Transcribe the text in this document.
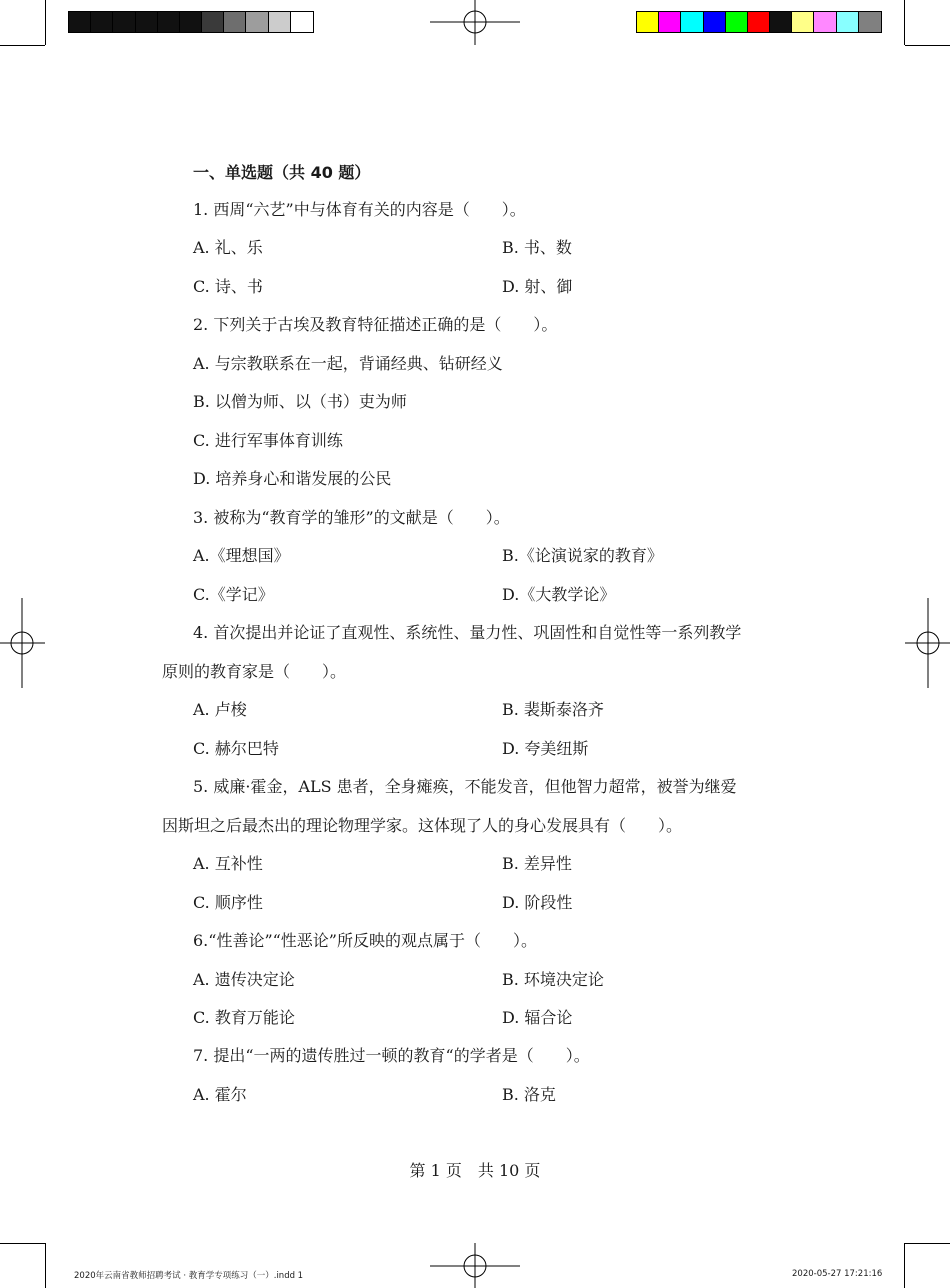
一、单选题（共 40 题）
1. 西周“六艺”中与体育有关的内容是（　　）。
A. 礼、乐	B. 书、数
C. 诗、书	D. 射、御
2. 下列关于古埃及教育特征描述正确的是（　　）。
A. 与宗教联系在一起，背诵经典、钻研经义
B. 以僧为师、以（书）吏为师
C. 进行军事体育训练
D. 培养身心和谐发展的公民
3. 被称为“教育学的雏形”的文献是（　　）。
A.《理想国》	B.《论演说家的教育》
C.《学记》	D.《大教学论》
4. 首次提出并论证了直观性、系统性、量力性、巩固性和自觉性等一系列教学
原则的教育家是（　　）。
A. 卢梭	B. 裴斯泰洛齐
C. 赫尔巴特	D. 夸美纽斯
5. 威廉·霍金，ALS 患者，全身瘫痪，不能发音，但他智力超常，被誉为继爱
因斯坦之后最杰出的理论物理学家。这体现了人的身心发展具有（　　）。
A. 互补性	B. 差异性
C. 顺序性	D. 阶段性
6.“性善论”“性恶论”所反映的观点属于（　　）。
A. 遗传决定论	B. 环境决定论
C. 教育万能论	D. 辐合论
7. 提出“一两的遗传胜过一顿的教育“的学者是（　　）。
A. 霍尔	B. 洛克
第 1 页　共 10 页
2020年云南省教师招聘考试 · 教育学专项练习（一）.indd 1	2020-05-27 17:21:16
